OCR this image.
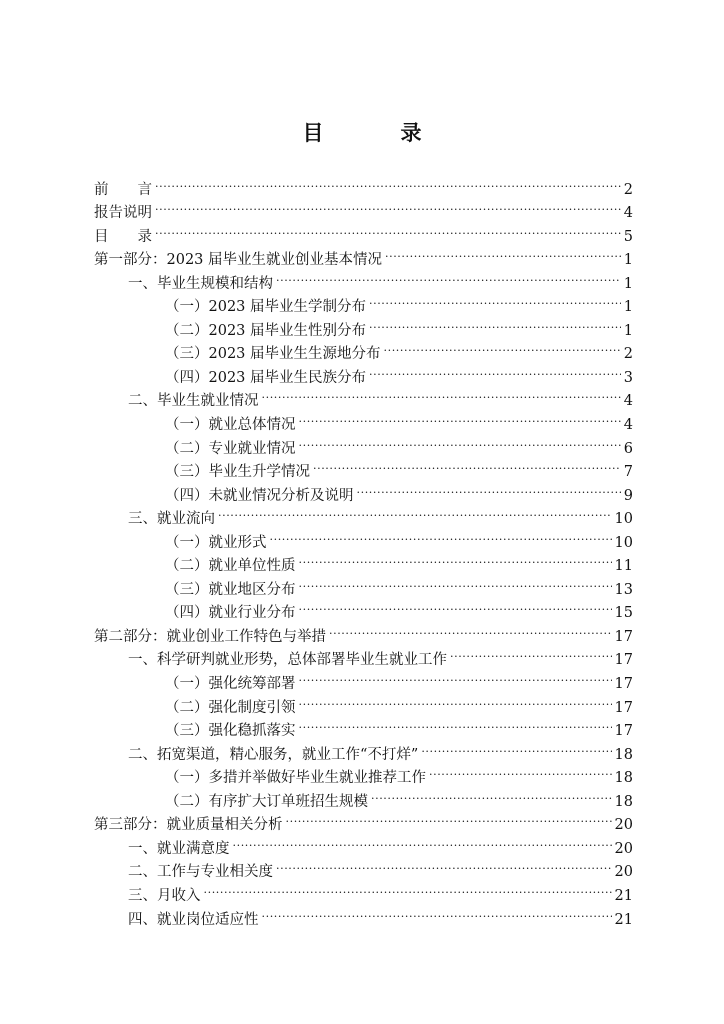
目　录
前　　言 .....	2
报告说明 .....	4
目　　录 .....	5
第一部分：2023 届毕业生就业创业基本情况 .....	1
一、毕业生规模和结构 .....	1
（一）2023 届毕业生学制分布 .....	1
（二）2023 届毕业生性别分布 .....	1
（三）2023 届毕业生生源地分布 .....	2
（四）2023 届毕业生民族分布 .....	3
二、毕业生就业情况 .....	4
（一）就业总体情况 .....	4
（二）专业就业情况 .....	6
（三）毕业生升学情况 .....	7
（四）未就业情况分析及说明 .....	9
三、就业流向 .....	10
（一）就业形式 .....	10
（二）就业单位性质 .....	11
（三）就业地区分布 .....	13
（四）就业行业分布 .....	15
第二部分：就业创业工作特色与举措 .....	17
一、科学研判就业形势，总体部署毕业生就业工作 .....	17
（一）强化统筹部署 .....	17
（二）强化制度引领 .....	17
（三）强化稳抓落实 .....	17
二、拓宽渠道，精心服务，就业工作“不打烊” .....	18
（一）多措并举做好毕业生就业推荐工作 .....	18
（二）有序扩大订单班招生规模 .....	18
第三部分：就业质量相关分析 .....	20
一、就业满意度 .....	20
二、工作与专业相关度 .....	20
三、月收入 .....	21
四、就业岗位适应性 .....	21
